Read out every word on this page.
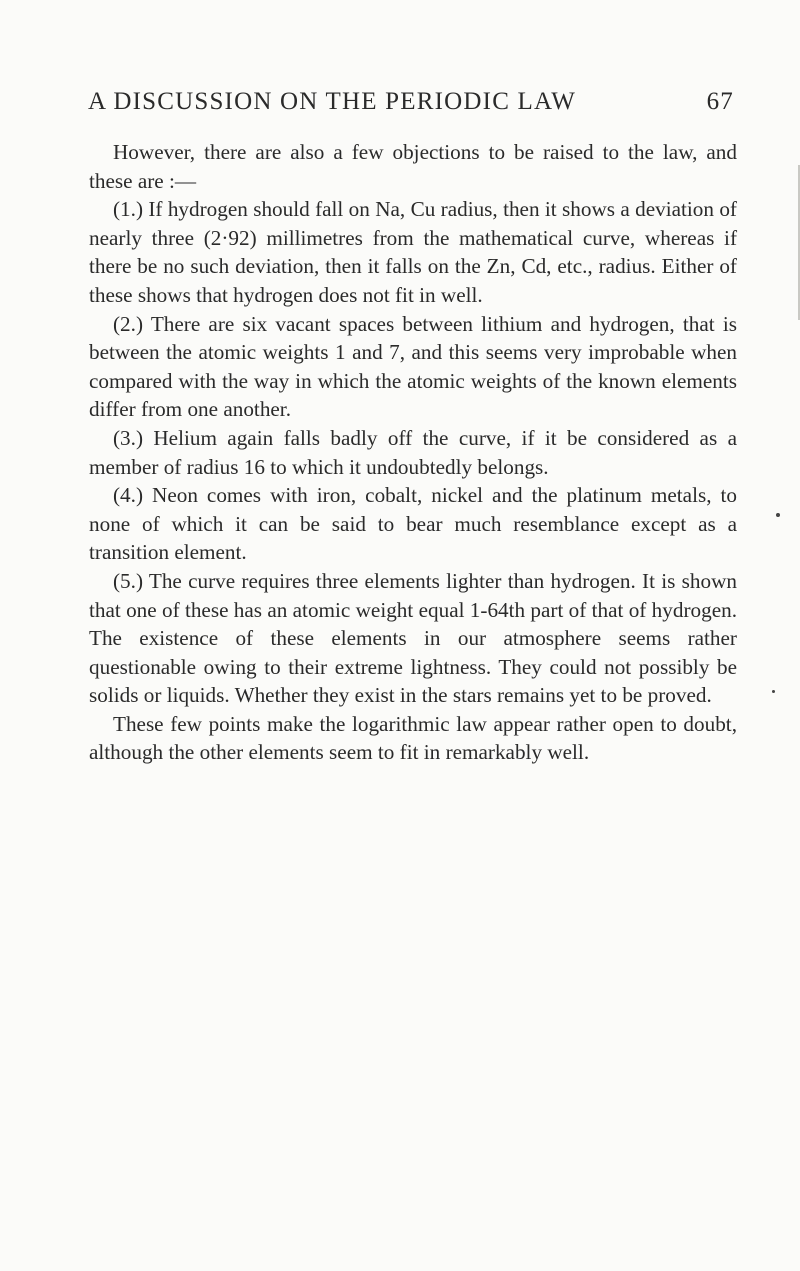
A DISCUSSION ON THE PERIODIC LAW	67

However, there are also a few objections to be raised to the law, and these are :—

(1.) If hydrogen should fall on Na, Cu radius, then it shows a deviation of nearly three (2·92) millimetres from the mathematical curve, whereas if there be no such deviation, then it falls on the Zn, Cd, etc., radius. Either of these shows that hydrogen does not fit in well.

(2.) There are six vacant spaces between lithium and hydrogen, that is between the atomic weights 1 and 7, and this seems very improbable when compared with the way in which the atomic weights of the known elements differ from one another.

(3.) Helium again falls badly off the curve, if it be considered as a member of radius 16 to which it undoubtedly belongs.

(4.) Neon comes with iron, cobalt, nickel and the platinum metals, to none of which it can be said to bear much resemblance except as a transition element.

(5.) The curve requires three elements lighter than hydrogen. It is shown that one of these has an atomic weight equal 1-64th part of that of hydrogen. The existence of these elements in our atmosphere seems rather questionable owing to their extreme lightness. They could not possibly be solids or liquids. Whether they exist in the stars remains yet to be proved.

These few points make the logarithmic law appear rather open to doubt, although the other elements seem to fit in remarkably well.
